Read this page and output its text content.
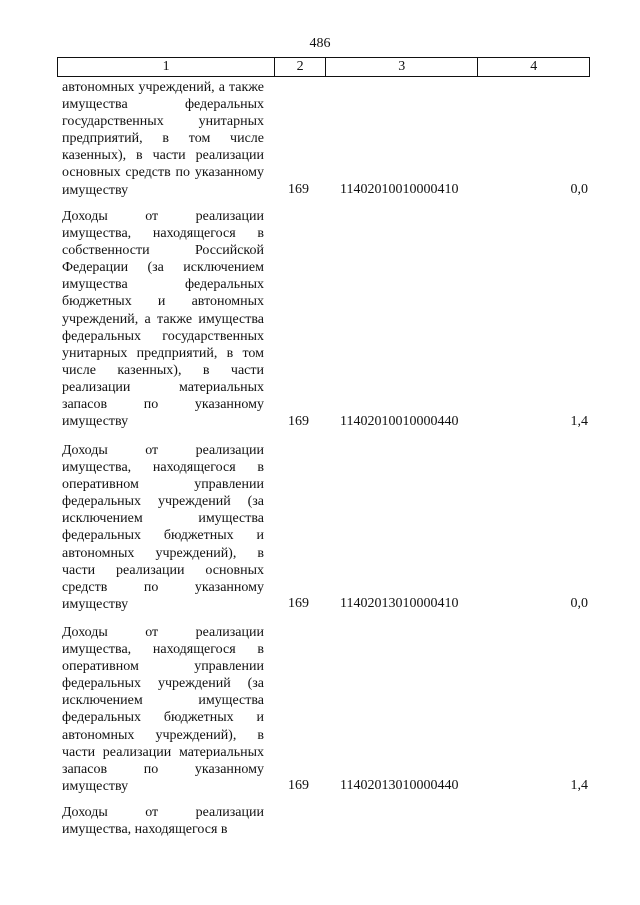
486
1	2	3	4
автономных учреждений, а также имущества федеральных государственных унитарных предприятий, в том числе казенных), в части реализации основных средств по указанному имуществу	169 11402010010000410	0,0
Доходы от реализации имущества, находящегося в собственности Российской Федерации (за исключением имущества федеральных бюджетных и автономных учреждений, а также имущества федеральных государственных унитарных предприятий, в том числе казенных), в части реализации материальных запасов по указанному имуществу	169 11402010010000440	1,4
Доходы от реализации имущества, находящегося в оперативном управлении федеральных учреждений (за исключением имущества федеральных бюджетных и автономных учреждений), в части реализации основных средств по указанному имуществу	169 11402013010000410	0,0
Доходы от реализации имущества, находящегося в оперативном управлении федеральных учреждений (за исключением имущества федеральных бюджетных и автономных учреждений), в части реализации материальных запасов по указанному имуществу	169 11402013010000440	1,4
Доходы от реализации имущества, находящегося в
